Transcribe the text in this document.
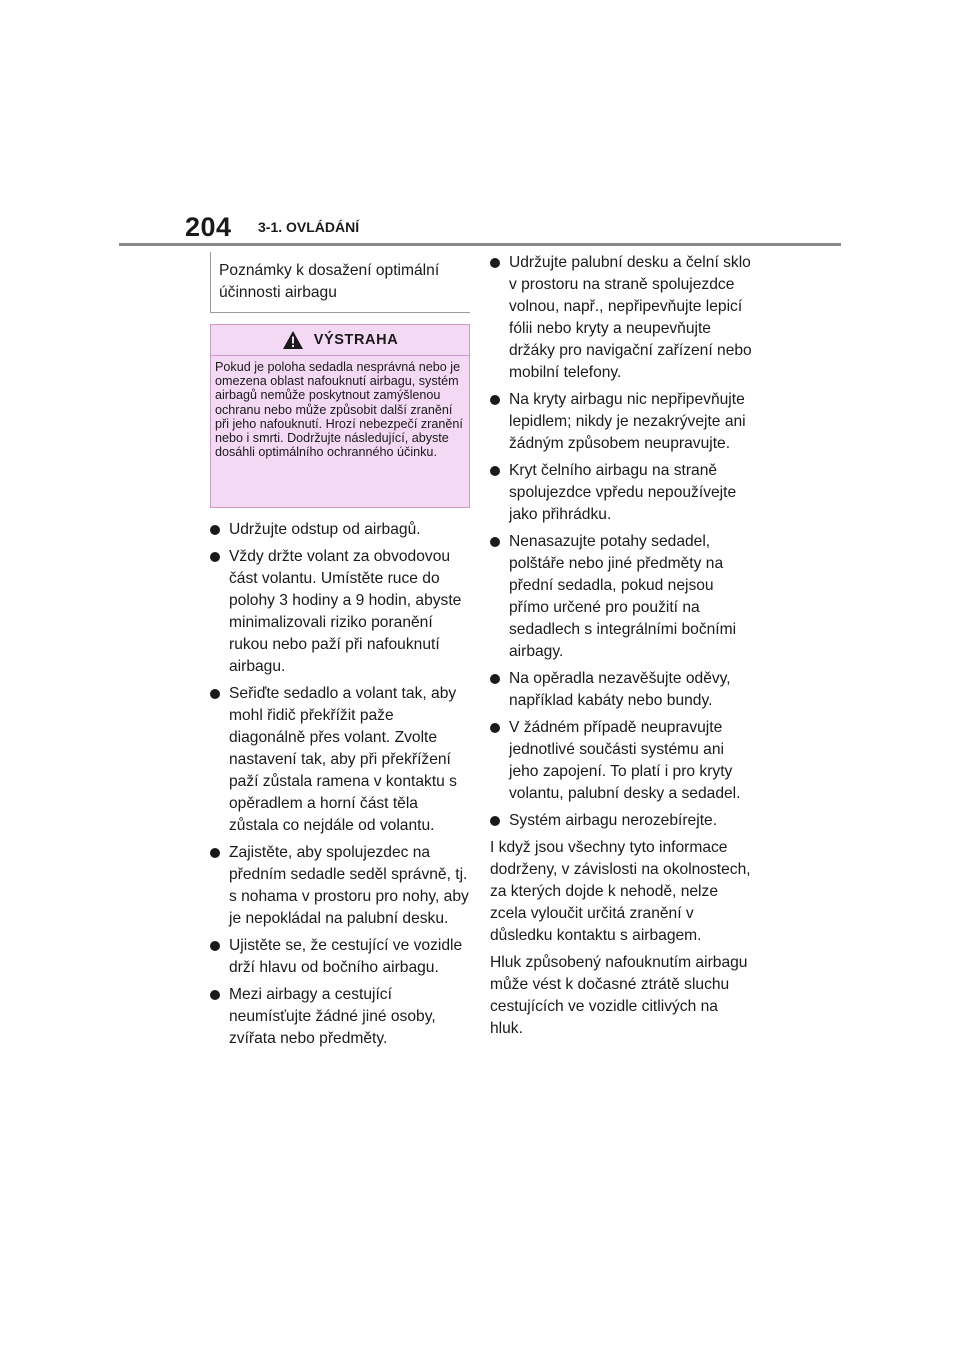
204 3-1. OVLÁDÁNÍ
Poznámky k dosažení optimální účinnosti airbagu
VÝSTRAHA
Pokud je poloha sedadla nesprávná nebo je omezena oblast nafouknutí airbagu, systém airbagů nemůže poskytnout zamýšlenou ochranu nebo může způsobit další zranění při jeho nafouknutí. Hrozí nebezpečí zranění nebo i smrti. Dodržujte následující, abyste dosáhli optimálního ochranného účinku.
Udržujte odstup od airbagů.
Vždy držte volant za obvodovou část volantu. Umístěte ruce do polohy 3 hodiny a 9 hodin, abyste minimalizovali riziko poranění rukou nebo paží při nafouknutí airbagu.
Seřiďte sedadlo a volant tak, aby mohl řidič překřížit paže diagonálně přes volant. Zvolte nastavení tak, aby při překřížení paží zůstala ramena v kontaktu s opěradlem a horní část těla zůstala co nejdále od volantu.
Zajistěte, aby spolujezdec na předním sedadle seděl správně, tj. s nohama v prostoru pro nohy, aby je nepokládal na palubní desku.
Ujistěte se, že cestující ve vozidle drží hlavu od bočního airbagu.
Mezi airbagy a cestující neumísťujte žádné jiné osoby, zvířata nebo předměty.
Udržujte palubní desku a čelní sklo v prostoru na straně spolujezdce volnou, např., nepřipevňujte lepicí fólii nebo kryty a neupevňujte držáky pro navigační zařízení nebo mobilní telefony.
Na kryty airbagu nic nepřipevňujte lepidlem; nikdy je nezakrývejte ani žádným způsobem neupravujte.
Kryt čelního airbagu na straně spolujezdce vpředu nepoužívejte jako přihrádku.
Nenasazujte potahy sedadel, polštáře nebo jiné předměty na přední sedadla, pokud nejsou přímo určené pro použití na sedadlech s integrálními bočními airbagy.
Na opěradla nezavěšujte oděvy, například kabáty nebo bundy.
V žádném případě neupravujte jednotlivé součásti systému ani jeho zapojení. To platí i pro kryty volantu, palubní desky a sedadel.
Systém airbagu nerozebírejte.

I když jsou všechny tyto informace dodrženy, v závislosti na okolnostech, za kterých dojde k nehodě, nelze zcela vyloučit určitá zranění v důsledku kontaktu s airbagem.

Hluk způsobený nafouknutím airbagu může vést k dočasné ztrátě sluchu cestujících ve vozidle citlivých na hluk.
